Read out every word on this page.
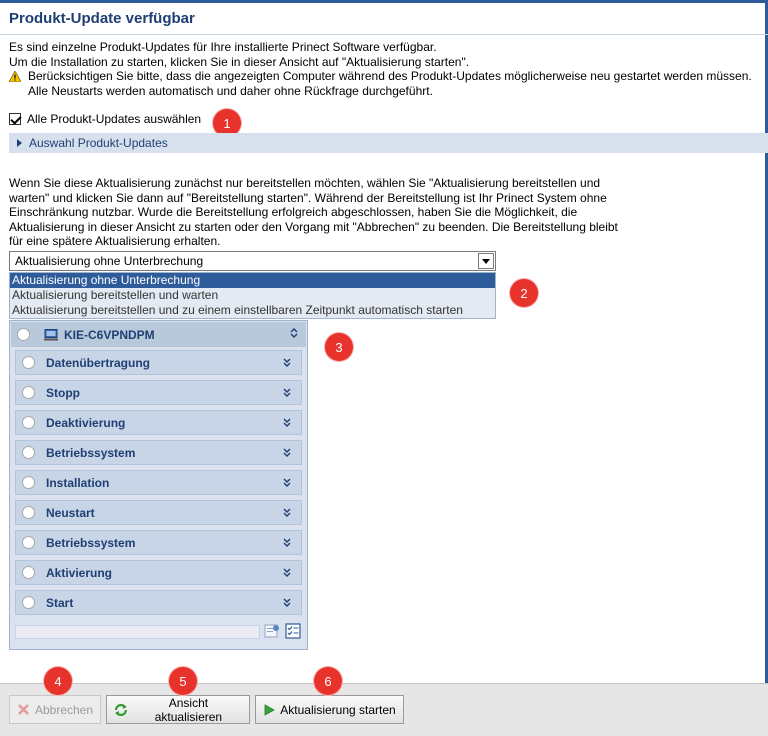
Produkt-Update verfügbar
Es sind einzelne Produkt-Updates für Ihre installierte Prinect Software verfügbar.
Um die Installation zu starten, klicken Sie in dieser Ansicht auf "Aktualisierung starten".
Berücksichtigen Sie bitte, dass die angezeigten Computer während des Produkt-Updates möglicherweise neu gestartet werden müssen.
Alle Neustarts werden automatisch und daher ohne Rückfrage durchgeführt.
Alle Produkt-Updates auswählen	1
Auswahl Produkt-Updates
Wenn Sie diese Aktualisierung zunächst nur bereitstellen möchten, wählen Sie "Aktualisierung bereitstellen und warten" und klicken Sie dann auf "Bereitstellung starten". Während der Bereitstellung ist Ihr Prinect System ohne Einschränkung nutzbar. Wurde die Bereitstellung erfolgreich abgeschlossen, haben Sie die Möglichkeit, die Aktualisierung in dieser Ansicht zu starten oder den Vorgang mit "Abbrechen" zu beenden. Die Bereitstellung bleibt für eine spätere Aktualisierung erhalten.
Aktualisierung ohne Unterbrechung
Aktualisierung ohne Unterbrechung
Aktualisierung bereitstellen und warten
Aktualisierung bereitstellen und zu einem einstellbaren Zeitpunkt automatisch starten
2
KIE-C6VPNDPM
Datenübertragung
Stopp
Deaktivierung
Betriebssystem
Installation
Neustart
Betriebssystem
Aktivierung
Start
3
Abbrechen	Ansicht aktualisieren	Aktualisierung starten
4	5	6
